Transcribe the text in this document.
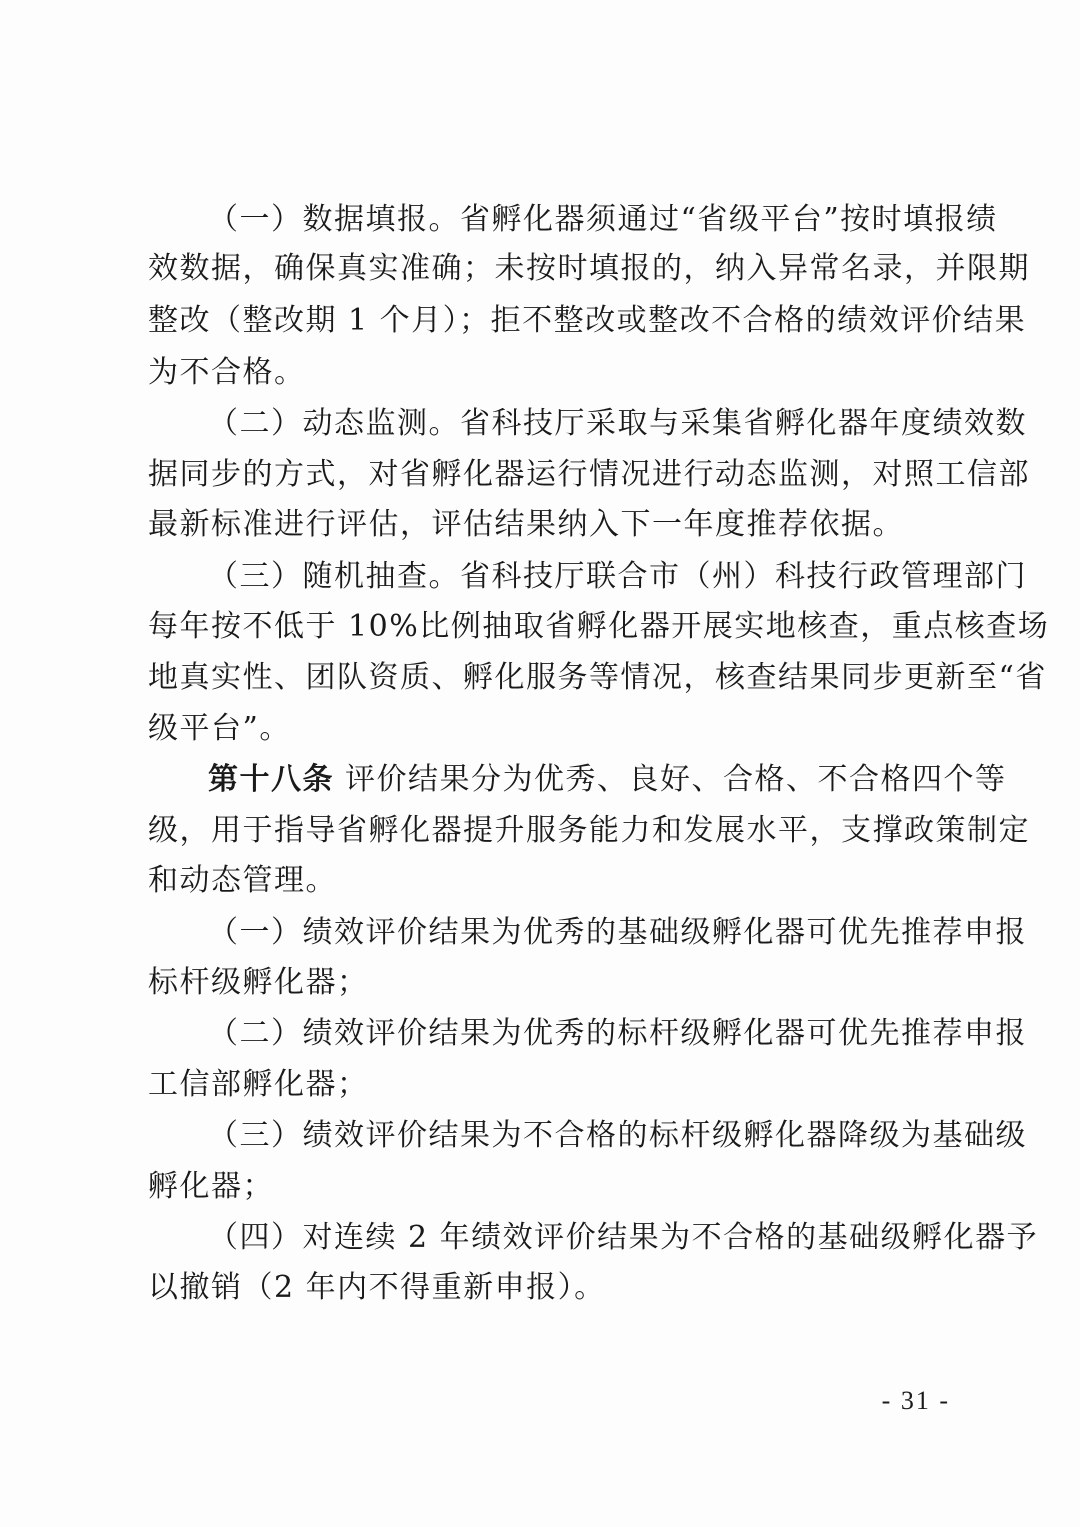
（一）数据填报。省孵化器须通过“省级平台”按时填报绩
效数据，确保真实准确；未按时填报的，纳入异常名录，并限期
整改（整改期 1 个月）；拒不整改或整改不合格的绩效评价结果
为不合格。
（二）动态监测。省科技厅采取与采集省孵化器年度绩效数
据同步的方式，对省孵化器运行情况进行动态监测，对照工信部
最新标准进行评估，评估结果纳入下一年度推荐依据。
（三）随机抽查。省科技厅联合市（州）科技行政管理部门
每年按不低于 10%比例抽取省孵化器开展实地核查，重点核查场
地真实性、团队资质、孵化服务等情况，核查结果同步更新至“省
级平台”。
第十八条 评价结果分为优秀、良好、合格、不合格四个等
级，用于指导省孵化器提升服务能力和发展水平，支撑政策制定
和动态管理。
（一）绩效评价结果为优秀的基础级孵化器可优先推荐申报
标杆级孵化器；
（二）绩效评价结果为优秀的标杆级孵化器可优先推荐申报
工信部孵化器；
（三）绩效评价结果为不合格的标杆级孵化器降级为基础级
孵化器；
（四）对连续 2 年绩效评价结果为不合格的基础级孵化器予
以撤销（2 年内不得重新申报）。
- 31 -
